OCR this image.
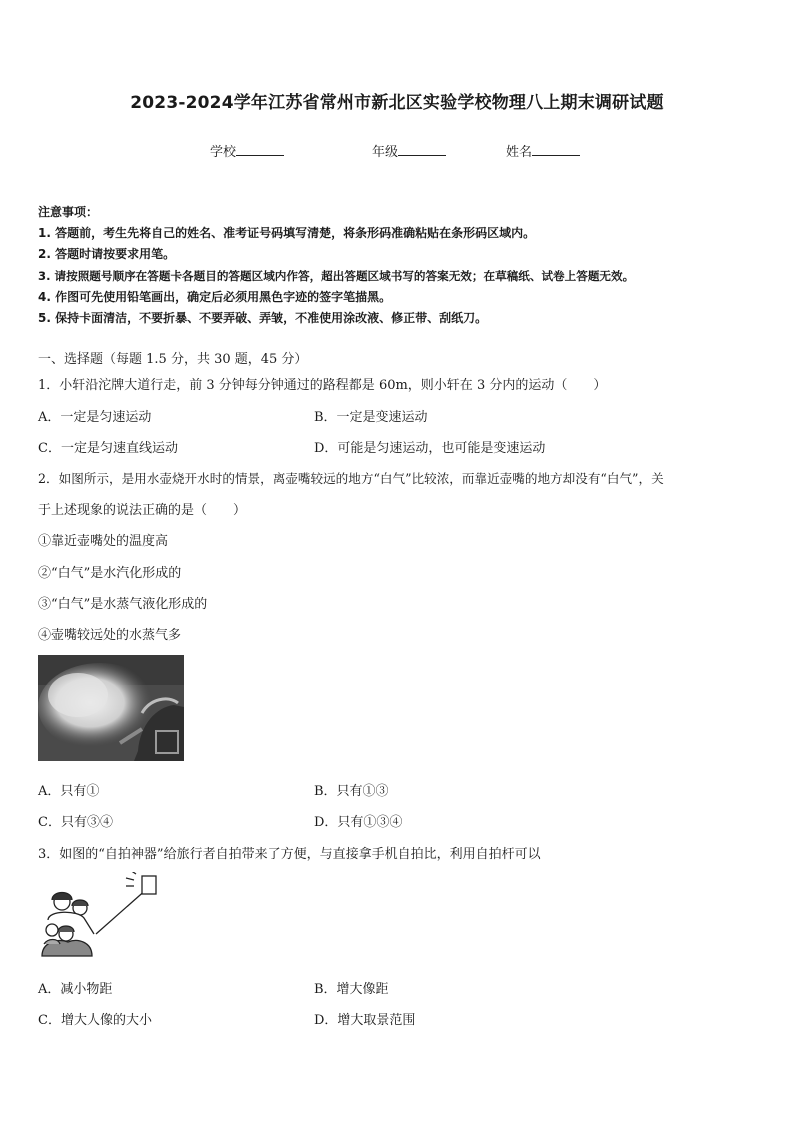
2023-2024学年江苏省常州市新北区实验学校物理八上期末调研试题
学校	年级	姓名
注意事项：
1. 答题前，考生先将自己的姓名、准考证号码填写清楚，将条形码准确粘贴在条形码区域内。
2. 答题时请按要求用笔。
3. 请按照题号顺序在答题卡各题目的答题区域内作答，超出答题区域书写的答案无效；在草稿纸、试卷上答题无效。
4. 作图可先使用铅笔画出，确定后必须用黑色字迹的签字笔描黑。
5. 保持卡面清洁，不要折暴、不要弄破、弄皱，不准使用涂改液、修正带、刮纸刀。
一、选择题（每题 1.5 分，共 30 题，45 分）
1．小轩沿沱牌大道行走，前 3 分钟每分钟通过的路程都是 60m，则小轩在 3 分内的运动（　　）
A．一定是匀速运动	B．一定是变速运动
C．一定是匀速直线运动	D．可能是匀速运动，也可能是变速运动
2．如图所示，是用水壶烧开水时的情景，离壶嘴较远的地方“白气”比较浓，而靠近壶嘴的地方却没有“白气”，关
于上述现象的说法正确的是（　　）
①靠近壶嘴处的温度高
②“白气”是水汽化形成的
③“白气”是水蒸气液化形成的
④壶嘴较远处的水蒸气多
A．只有①	B．只有①③
C．只有③④	D．只有①③④
3．如图的“自拍神器”给旅行者自拍带来了方便，与直接拿手机自拍比，利用自拍杆可以
A．减小物距	B．增大像距
C．增大人像的大小	D．增大取景范围
